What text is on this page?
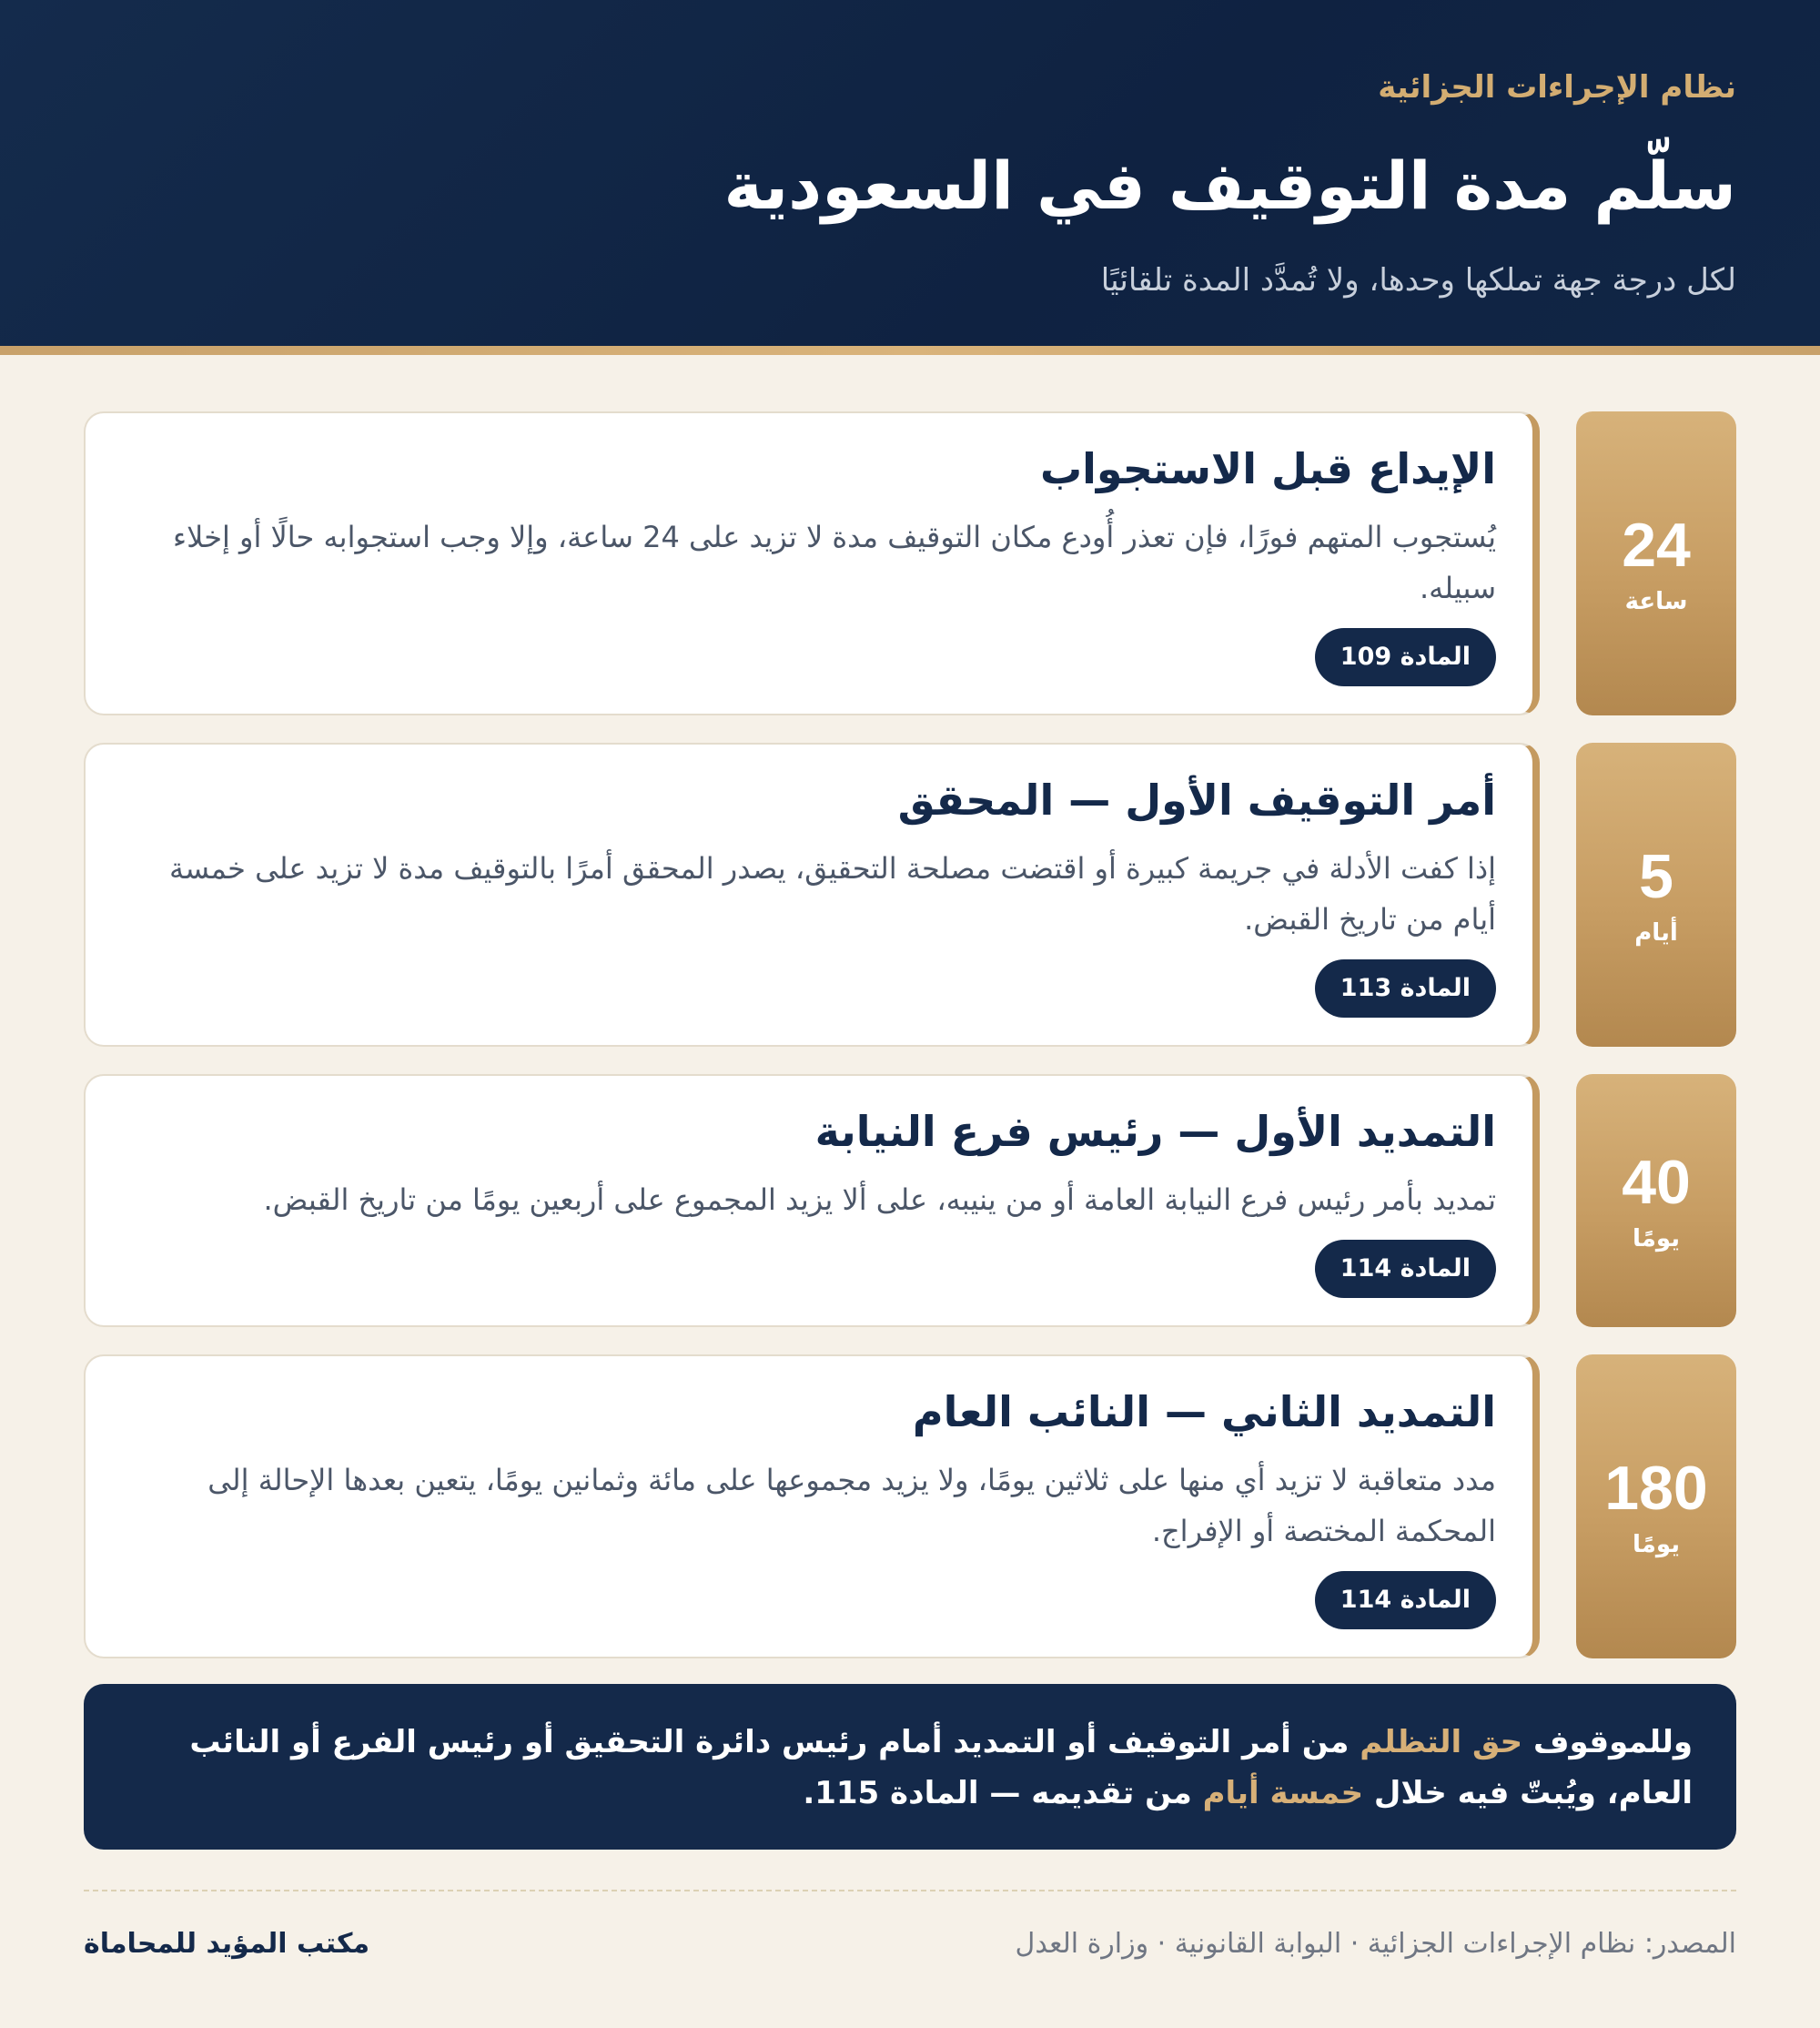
نظام الإجراءات الجزائية
سلّم مدة التوقيف في السعودية
لكل درجة جهة تملكها وحدها، ولا تُمدَّد المدة تلقائيًا
24
ساعة
الإيداع قبل الاستجواب
يُستجوب المتهم فورًا، فإن تعذر أُودع مكان التوقيف مدة لا تزيد على 24 ساعة، وإلا وجب استجوابه حالًا أو إخلاء سبيله.
المادة 109
5
أيام
أمر التوقيف الأول — المحقق
إذا كفت الأدلة في جريمة كبيرة أو اقتضت مصلحة التحقيق، يصدر المحقق أمرًا بالتوقيف مدة لا تزيد على خمسة أيام من تاريخ القبض.
المادة 113
40
يومًا
التمديد الأول — رئيس فرع النيابة
تمديد بأمر رئيس فرع النيابة العامة أو من ينيبه، على ألا يزيد المجموع على أربعين يومًا من تاريخ القبض.
المادة 114
180
يومًا
التمديد الثاني — النائب العام
مدد متعاقبة لا تزيد أي منها على ثلاثين يومًا، ولا يزيد مجموعها على مائة وثمانين يومًا، يتعين بعدها الإحالة إلى المحكمة المختصة أو الإفراج.
المادة 114

وللموقوف حق التظلم من أمر التوقيف أو التمديد أمام رئيس دائرة التحقيق أو رئيس الفرع أو النائب العام، ويُبتّ فيه خلال خمسة أيام من تقديمه — المادة 115.

المصدر: نظام الإجراءات الجزائية · البوابة القانونية · وزارة العدل
مكتب المؤيد للمحاماة
